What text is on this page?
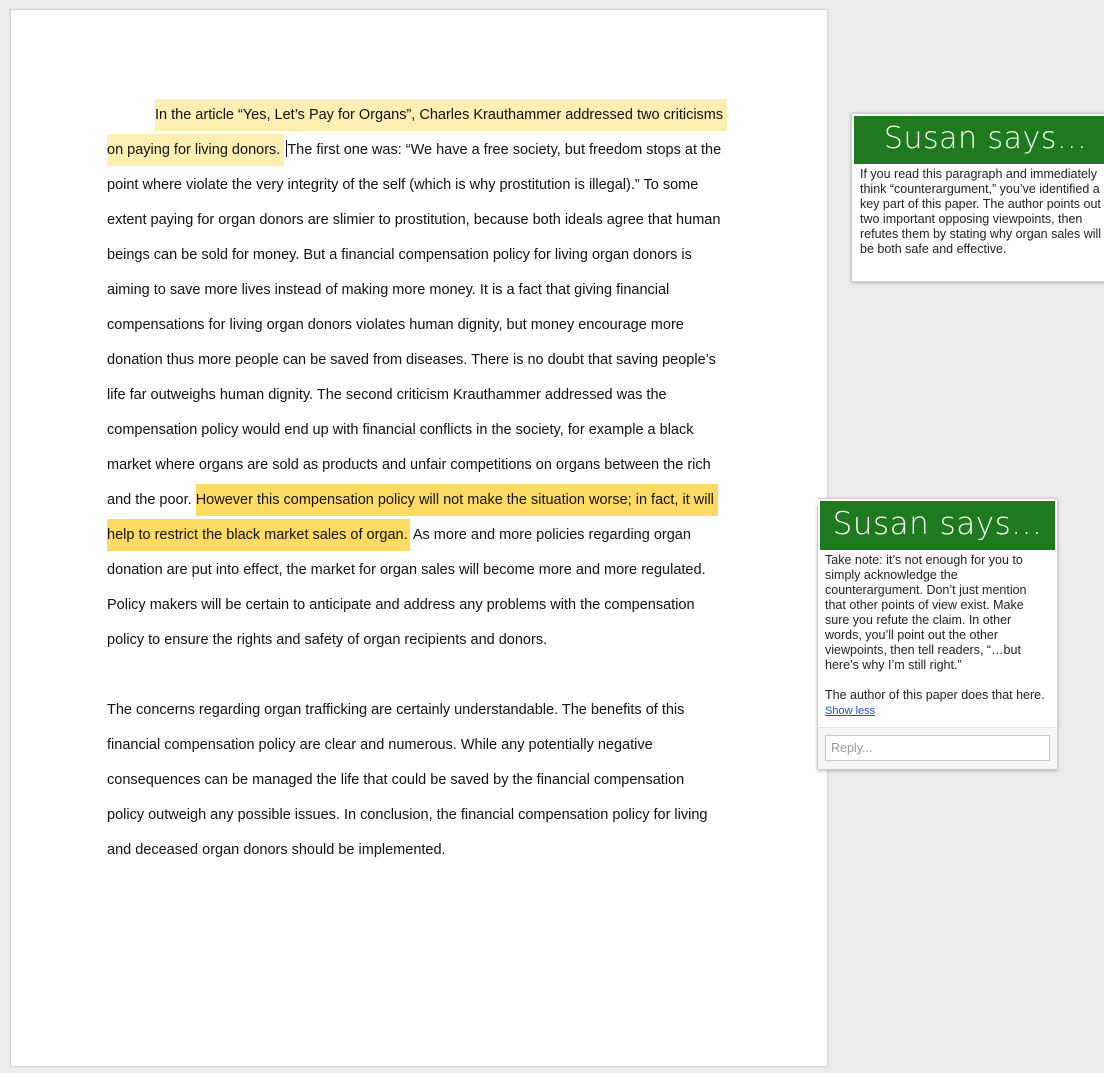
In the article “Yes, Let’s Pay for Organs”, Charles Krauthammer addressed two criticisms
on paying for living donors. The first one was: “We have a free society, but freedom stops at the
point where violate the very integrity of the self (which is why prostitution is illegal).” To some
extent paying for organ donors are slimier to prostitution, because both ideals agree that human
beings can be sold for money. But a financial compensation policy for living organ donors is
aiming to save more lives instead of making more money. It is a fact that giving financial
compensations for living organ donors violates human dignity, but money encourage more
donation thus more people can be saved from diseases. There is no doubt that saving people’s
life far outweighs human dignity. The second criticism Krauthammer addressed was the
compensation policy would end up with financial conflicts in the society, for example a black
market where organs are sold as products and unfair competitions on organs between the rich
and the poor. However this compensation policy will not make the situation worse; in fact, it will
help to restrict the black market sales of organ. As more and more policies regarding organ
donation are put into effect, the market for organ sales will become more and more regulated.
Policy makers will be certain to anticipate and address any problems with the compensation
policy to ensure the rights and safety of organ recipients and donors.
The concerns regarding organ trafficking are certainly understandable. The benefits of this
financial compensation policy are clear and numerous. While any potentially negative
consequences can be managed the life that could be saved by the financial compensation
policy outweigh any possible issues. In conclusion, the financial compensation policy for living
and deceased organ donors should be implemented.
Susan says...
If you read this paragraph and immediately think “counterargument,” you’ve identified a key part of this paper. The author points out two important opposing viewpoints, then refutes them by stating why organ sales will be both safe and effective.
Susan says...

Take note: it’s not enough for you to simply acknowledge the counterargument. Don’t just mention that other points of view exist. Make sure you refute the claim. In other words, you’ll point out the other viewpoints, then tell readers, “…but here’s why I’m still right.”

The author of this paper does that here.

Show less
Reply...
